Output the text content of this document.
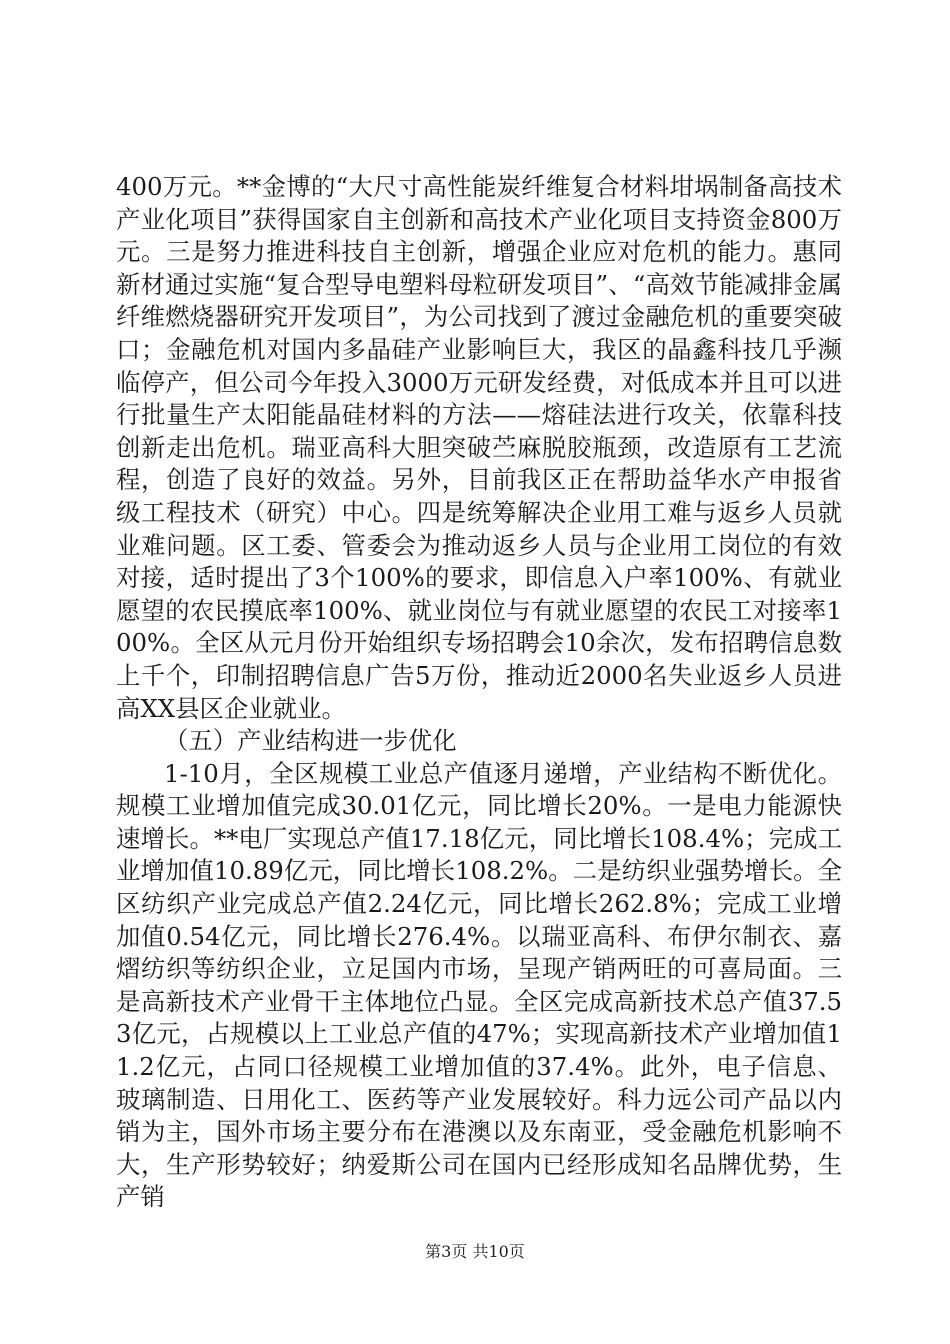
400万元。**金博的“大尺寸高性能炭纤维复合材料坩埚制备高技术产业化项目”获得国家自主创新和高技术产业化项目支持资金800万元。三是努力推进科技自主创新，增强企业应对危机的能力。惠同新材通过实施“复合型导电塑料母粒研发项目”、“高效节能减排金属纤维燃烧器研究开发项目”，为公司找到了渡过金融危机的重要突破口；金融危机对国内多晶硅产业影响巨大，我区的晶鑫科技几乎濒临停产，但公司今年投入3000万元研发经费，对低成本并且可以进行批量生产太阳能晶硅材料的方法——熔硅法进行攻关，依靠科技创新走出危机。瑞亚高科大胆突破苎麻脱胶瓶颈，改造原有工艺流程，创造了良好的效益。另外，目前我区正在帮助益华水产申报省级工程技术（研究）中心。四是统筹解决企业用工难与返乡人员就业难问题。区工委、管委会为推动返乡人员与企业用工岗位的有效对接，适时提出了3个100%的要求，即信息入户率100%、有就业愿望的农民摸底率100%、就业岗位与有就业愿望的农民工对接率100%。全区从元月份开始组织专场招聘会10余次，发布招聘信息数上千个，印制招聘信息广告5万份，推动近2000名失业返乡人员进高XX县区企业就业。

（五）产业结构进一步优化

1-10月，全区规模工业总产值逐月递增，产业结构不断优化。规模工业增加值完成30.01亿元，同比增长20%。一是电力能源快速增长。**电厂实现总产值17.18亿元，同比增长108.4%；完成工业增加值10.89亿元，同比增长108.2%。二是纺织业强势增长。全区纺织产业完成总产值2.24亿元，同比增长262.8%；完成工业增加值0.54亿元，同比增长276.4%。以瑞亚高科、布伊尔制衣、嘉熠纺织等纺织企业，立足国内市场，呈现产销两旺的可喜局面。三是高新技术产业骨干主体地位凸显。全区完成高新技术总产值37.53亿元，占规模以上工业总产值的47%；实现高新技术产业增加值11.2亿元，占同口径规模工业增加值的37.4%。此外，电子信息、玻璃制造、日用化工、医药等产业发展较好。科力远公司产品以内销为主，国外市场主要分布在港澳以及东南亚，受金融危机影响不大，生产形势较好；纳爱斯公司在国内已经形成知名品牌优势，生产销

第3页 共10页
